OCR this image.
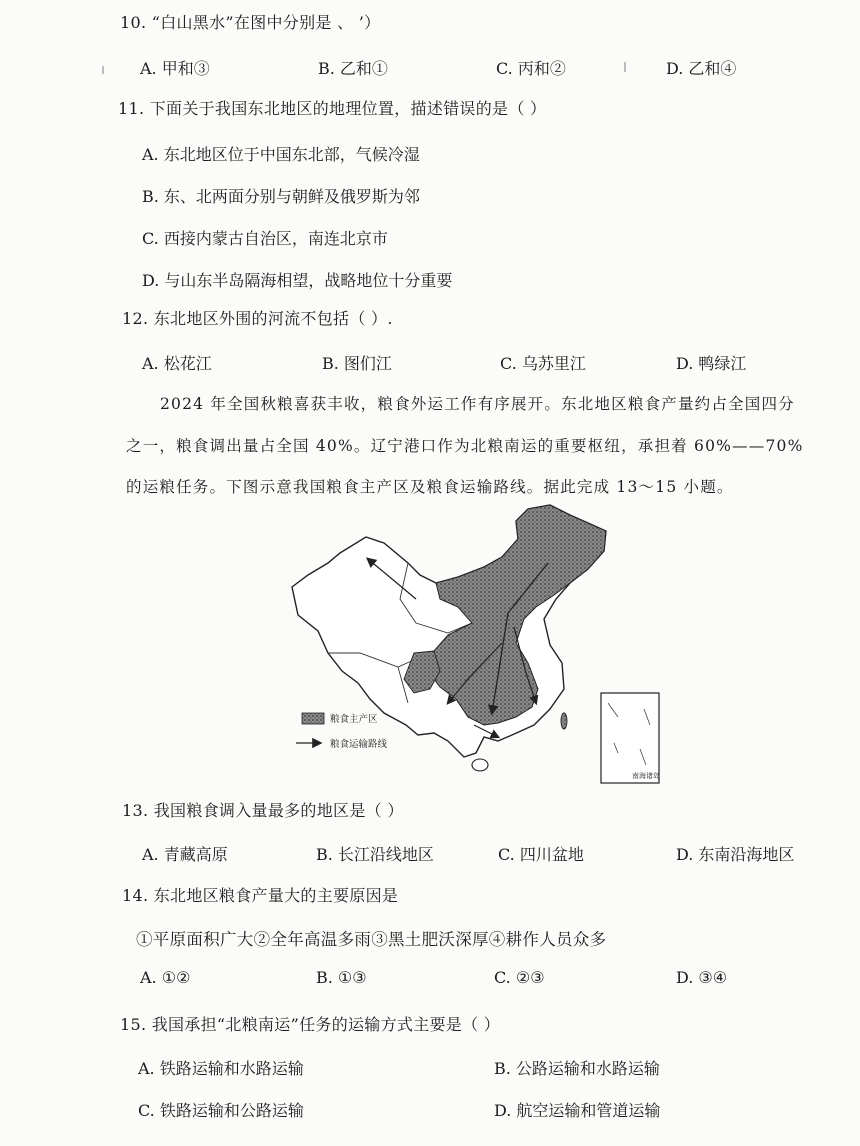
10. “白山黑水”在图中分别是 、 ’）
A. 甲和③	B. 乙和①	C. 丙和②	D. 乙和④
11. 下面关于我国东北地区的地理位置，描述错误的是（ ）
A. 东北地区位于中国东北部，气候冷湿
B. 东、北两面分别与朝鲜及俄罗斯为邻
C. 西接内蒙古自治区，南连北京市
D. 与山东半岛隔海相望，战略地位十分重要
12. 东北地区外围的河流不包括（ ）.
A. 松花江	B. 图们江	C. 乌苏里江	D. 鸭绿江
2024 年全国秋粮喜获丰收，粮食外运工作有序展开。东北地区粮食产量约占全国四分
之一，粮食调出量占全国 40%。辽宁港口作为北粮南运的重要枢纽，承担着 60%——70%
的运粮任务。下图示意我国粮食主产区及粮食运输路线。据此完成 13～15 小题。
粮食主产区
粮食运输路线
南海诸岛
13. 我国粮食调入量最多的地区是（ ）
A. 青藏高原	B. 长江沿线地区	C. 四川盆地	D. 东南沿海地区
14. 东北地区粮食产量大的主要原因是
①平原面积广大②全年高温多雨③黑土肥沃深厚④耕作人员众多
A. ①②	B. ①③	C. ②③	D. ③④
15. 我国承担“北粮南运”任务的运输方式主要是（ ）
A. 铁路运输和水路运输	B. 公路运输和水路运输
C. 铁路运输和公路运输	D. 航空运输和管道运输
